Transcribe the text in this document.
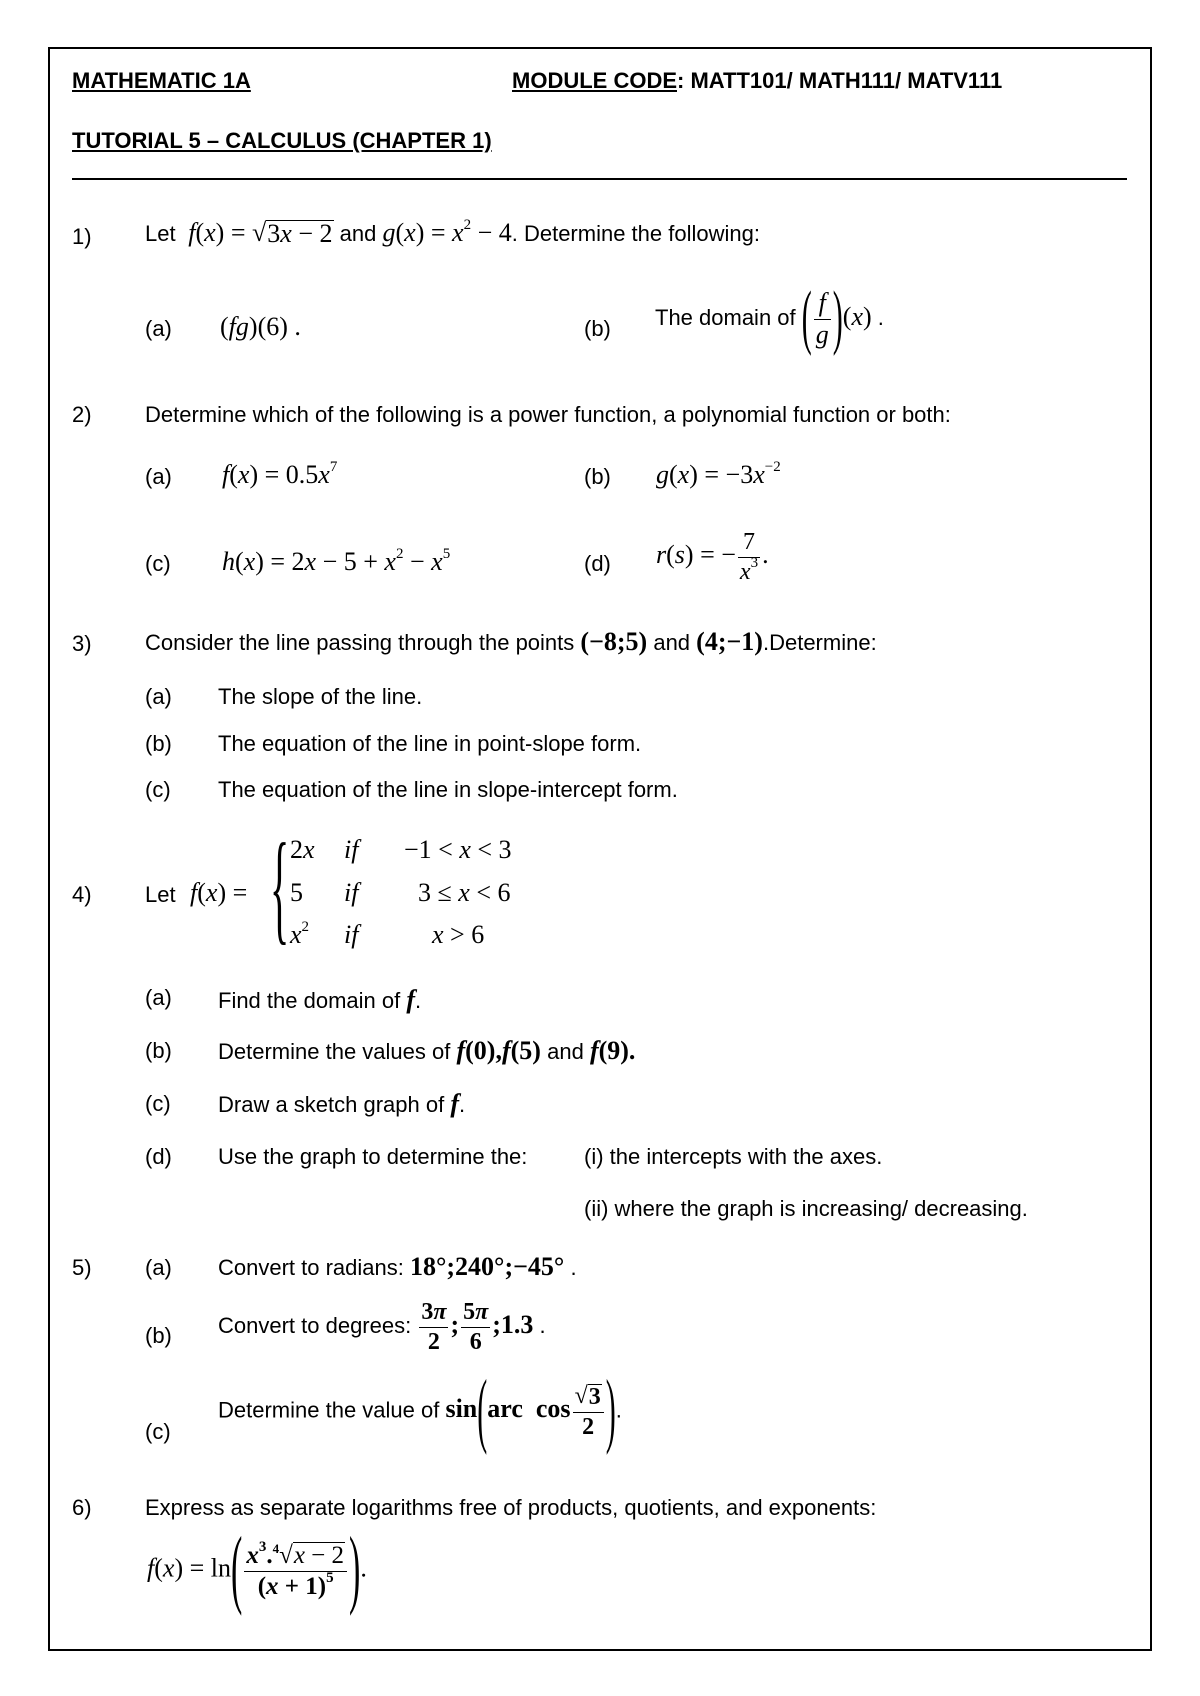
MATHEMATIC 1A	MODULE CODE: MATT101/ MATH111/ MATV111
TUTORIAL 5 – CALCULUS (CHAPTER 1)
1) Let f(x) = √ 3x − 2 and $g(x) = x^2 - 4$. Determine the following:
(a) (fg)(6) .	(b) The domain of ( $\frac{f}{g} )(x)$ .
2) Determine which of the following is a power function, a polynomial function or both:
(a) $f(x) = 0.5x^7$	(b) $g(x) = -3x^{-2}$
(c) $h(x) = 2x - 5 + x^2 - x^5$	(d) r(s) = − $\frac{7}{x^3}$ .
3) Consider the line passing through the points (−8;5) and (4;−1).Determine:
(a) The slope of the line.
(b) The equation of the line in point-slope form.
(c) The equation of the line in slope-intercept form.
4) Let f(x) = { 2x if −1 < x < 3
5 if 3 ≤ x < 6
$x^2$ if	x > 6
(a) Find the domain of f.
(b) Determine the values of f(0),f(5) and f(9).
(c) Draw a sketch graph of f.
(d) Use the graph to determine the:	(i) the intercepts with the axes.
(ii) where the graph is increasing/ decreasing.
5) (a) Convert to radians: 18°;240°;−45° .
(b) Convert to degrees: $\frac{3\pi}{2}$ ; $\frac{5\pi}{6}$ ;1.3 .
(c)
Determine the value of sin(arc  $\cos \frac{√ 3}{2}$ ).
6) Express as separate logarithms free of products, quotients, and exponents:
$f(x) = \ln( \frac{x^3. ^4√ x - 2}{(x + 1)^5}$ ).
